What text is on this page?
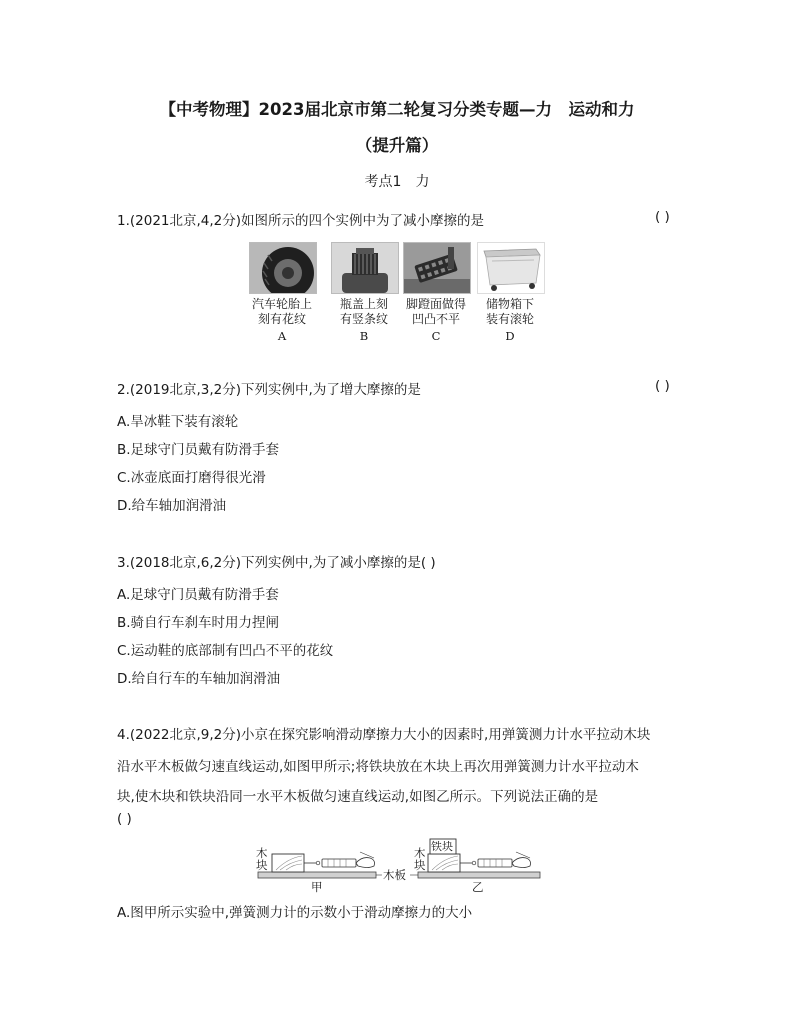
【中考物理】2023届北京市第二轮复习分类专题—力　运动和力
（提升篇）
考点1　力
1.(2021北京,4,2分)如图所示的四个实例中为了减小摩擦的是	( )
汽车轮胎上
刻有花纹
A
瓶盖上刻
有竖条纹
B
脚蹬面做得
凹凸不平
C
储物箱下
装有滚轮
D
2.(2019北京,3,2分)下列实例中,为了增大摩擦的是	( )
A.旱冰鞋下装有滚轮
B.足球守门员戴有防滑手套
C.冰壶底面打磨得很光滑
D.给车轴加润滑油
3.(2018北京,6,2分)下列实例中,为了减小摩擦的是( )
A.足球守门员戴有防滑手套
B.骑自行车刹车时用力捏闸
C.运动鞋的底部制有凹凸不平的花纹
D.给自行车的车轴加润滑油
4.(2022北京,9,2分)小京在探究影响滑动摩擦力大小的因素时,用弹簧测力计水平拉动木块
沿水平木板做匀速直线运动,如图甲所示;将铁块放在木块上再次用弹簧测力计水平拉动木
块,使木块和铁块沿同一水平木板做匀速直线运动,如图乙所示。下列说法正确的是
( )
木
块
木
块
铁块
木板
甲	乙
A.图甲所示实验中,弹簧测力计的示数小于滑动摩擦力的大小
